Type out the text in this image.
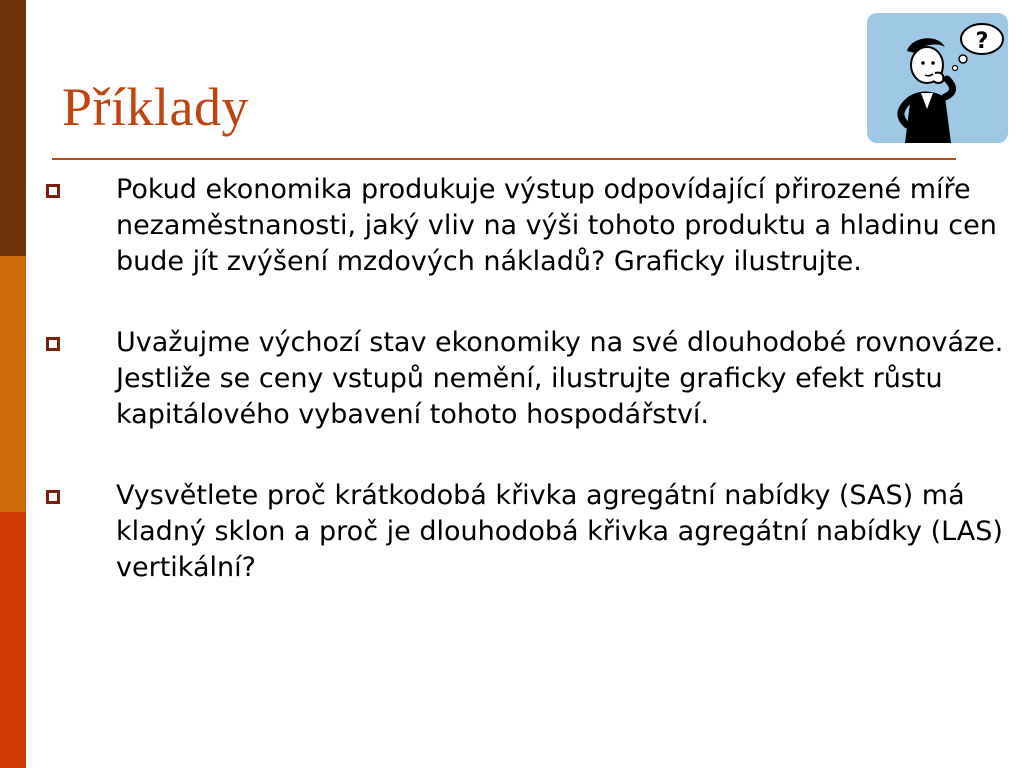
Příklady
?
Pokud ekonomika produkuje výstup odpovídající přirozené míře nezaměstnanosti, jaký vliv na výši tohoto produktu a hladinu cen bude jít zvýšení mzdových nákladů? Graficky ilustrujte.
Uvažujme výchozí stav ekonomiky na své dlouhodobé rovnováze. Jestliže se ceny vstupů nemění, ilustrujte graficky efekt růstu kapitálového vybavení tohoto hospodářství.
Vysvětlete proč krátkodobá křivka agregátní nabídky (SAS) má kladný sklon a proč je dlouhodobá křivka agregátní nabídky (LAS) vertikální?
